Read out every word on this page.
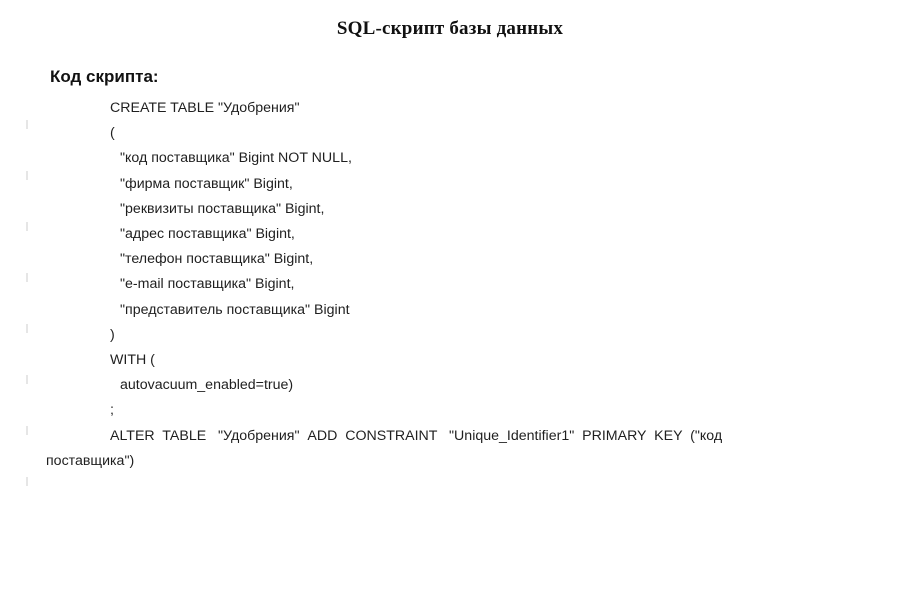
SQL-скрипт базы данных
Код скрипта:
CREATE TABLE "Удобрения"
(
"код поставщика" Bigint NOT NULL,
"фирма поставщик" Bigint,
"реквизиты поставщика" Bigint,
"адрес поставщика" Bigint,
"телефон поставщика" Bigint,
"e-mail поставщика" Bigint,
"представитель поставщика" Bigint
)
WITH (
autovacuum_enabled=true)
;
ALTER  TABLE   "Удобрения"  ADD  CONSTRAINT   "Unique_Identifier1"  PRIMARY  KEY  ("код
поставщика")
